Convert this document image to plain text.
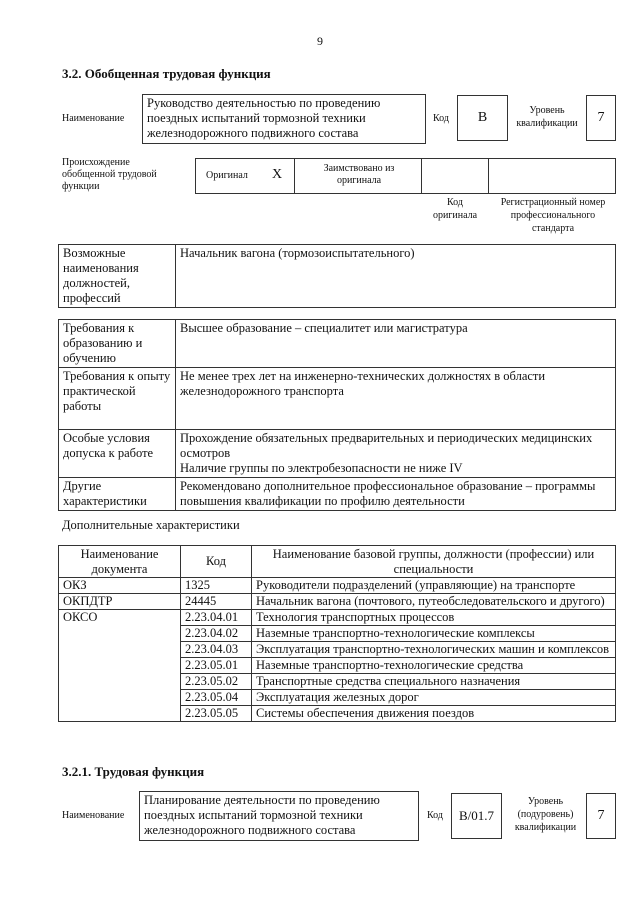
9
3.2. Обобщенная трудовая функция
Наименование
Руководство деятельностью по проведению поездных испытаний тормозной техники железнодорожного подвижного состава
Код B	Уровень квалификации	7
Происхождение обобщенной трудовой функции
Оригинал X	Заимствовано из оригинала
Код оригинала
Регистрационный номер профессионального стандарта
Возможные наименования должностей, профессий	Начальник вагона (тормозоиспытательного)
Требования к образованию и обучению	Высшее образование – специалитет или магистратура
Требования к опыту практической работы	Не менее трех лет на инженерно-технических должностях в области железнодорожного транспорта
Особые условия допуска к работе	Прохождение обязательных предварительных и периодических медицинских осмотров
Наличие группы по электробезопасности не ниже IV

Другие характеристики	Рекомендовано дополнительное профессиональное образование – программы повышения квалификации по профилю деятельности
Дополнительные характеристики
Наименование документа	Код	Наименование базовой группы, должности (профессии) или специальности
ОКЗ	1325	Руководители подразделений (управляющие) на транспорте
ОКПДТР	24445	Начальник вагона (почтового, путеобследовательского и другого)
ОКСО	2.23.04.01	Технология транспортных процессов
	2.23.04.02	Наземные транспортно-технологические комплексы
	2.23.04.03	Эксплуатация транспортно-технологических машин и комплексов
	2.23.05.01	Наземные транспортно-технологические средства
	2.23.05.02	Транспортные средства специального назначения
	2.23.05.04	Эксплуатация железных дорог
	2.23.05.05	Системы обеспечения движения поездов
3.2.1. Трудовая функция
Наименование
Планирование деятельности по проведению поездных испытаний тормозной техники железнодорожного подвижного состава
Код B/01.7
Уровень (подуровень) квалификации
7
